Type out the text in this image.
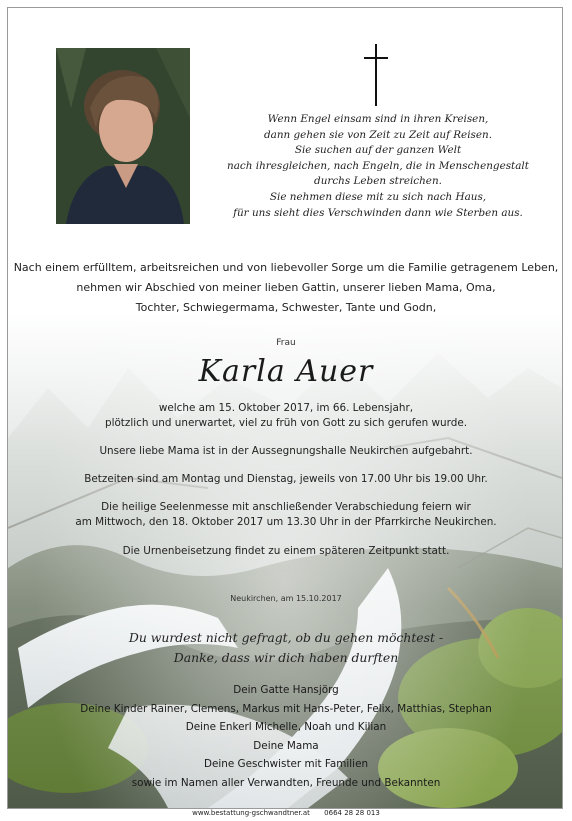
Wenn Engel einsam sind in ihren Kreisen,
dann gehen sie von Zeit zu Zeit auf Reisen.
Sie suchen auf der ganzen Welt
nach ihresgleichen, nach Engeln, die in Menschengestalt
durchs Leben streichen.
Sie nehmen diese mit zu sich nach Haus,
für uns sieht dies Verschwinden dann wie Sterben aus.
Nach einem erfülltem, arbeitsreichen und von liebevoller Sorge um die Familie getragenem Leben,
nehmen wir Abschied von meiner lieben Gattin, unserer lieben Mama, Oma,
Tochter, Schwiegermama, Schwester, Tante und Godn,
Frau
Karla Auer
welche am 15. Oktober 2017, im 66. Lebensjahr,
plötzlich und unerwartet, viel zu früh von Gott zu sich gerufen wurde.
Unsere liebe Mama ist in der Aussegnungshalle Neukirchen aufgebahrt.
Betzeiten sind am Montag und Dienstag, jeweils von 17.00 Uhr bis 19.00 Uhr.
Die heilige Seelenmesse mit anschließender Verabschiedung feiern wir
am Mittwoch, den 18. Oktober 2017 um 13.30 Uhr in der Pfarrkirche Neukirchen.
Die Urnenbeisetzung findet zu einem späteren Zeitpunkt statt.
Neukirchen, am 15.10.2017
Du wurdest nicht gefragt, ob du gehen möchtest -
Danke, dass wir dich haben durften
Dein Gatte Hansjörg
Deine Kinder Rainer, Clemens, Markus mit Hans-Peter, Felix, Matthias, Stephan
Deine Enkerl Michelle, Noah und Kilian
Deine Mama
Deine Geschwister mit Familien
sowie im Namen aller Verwandten, Freunde und Bekannten
www.bestattung-gschwandtner.at 0664 28 28 013
